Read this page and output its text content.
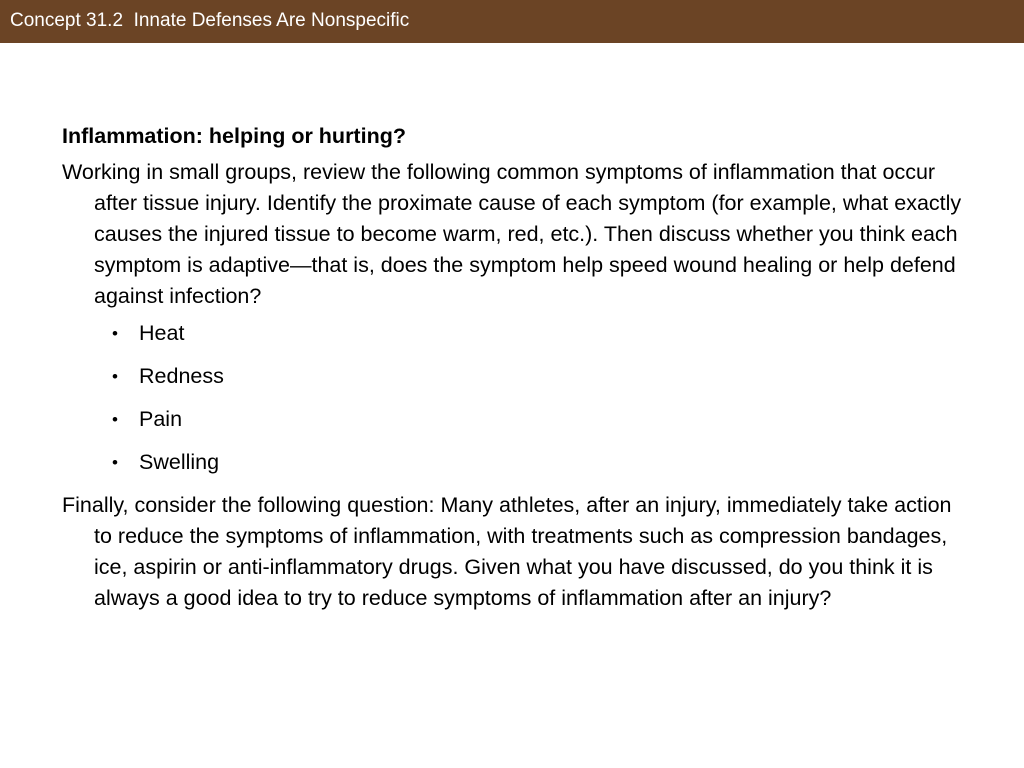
Concept 31.2  Innate Defenses Are Nonspecific

Inflammation: helping or hurting?

Working in small groups, review the following common symptoms of inflammation that occur after tissue injury. Identify the proximate cause of each symptom (for example, what exactly causes the injured tissue to become warm, red, etc.). Then discuss whether you think each symptom is adaptive—that is, does the symptom help speed wound healing or help defend against infection?

• Heat
• Redness
• Pain
• Swelling

Finally, consider the following question: Many athletes, after an injury, immediately take action to reduce the symptoms of inflammation, with treatments such as compression bandages, ice, aspirin or anti-inflammatory drugs. Given what you have discussed, do you think it is always a good idea to try to reduce symptoms of inflammation after an injury?
